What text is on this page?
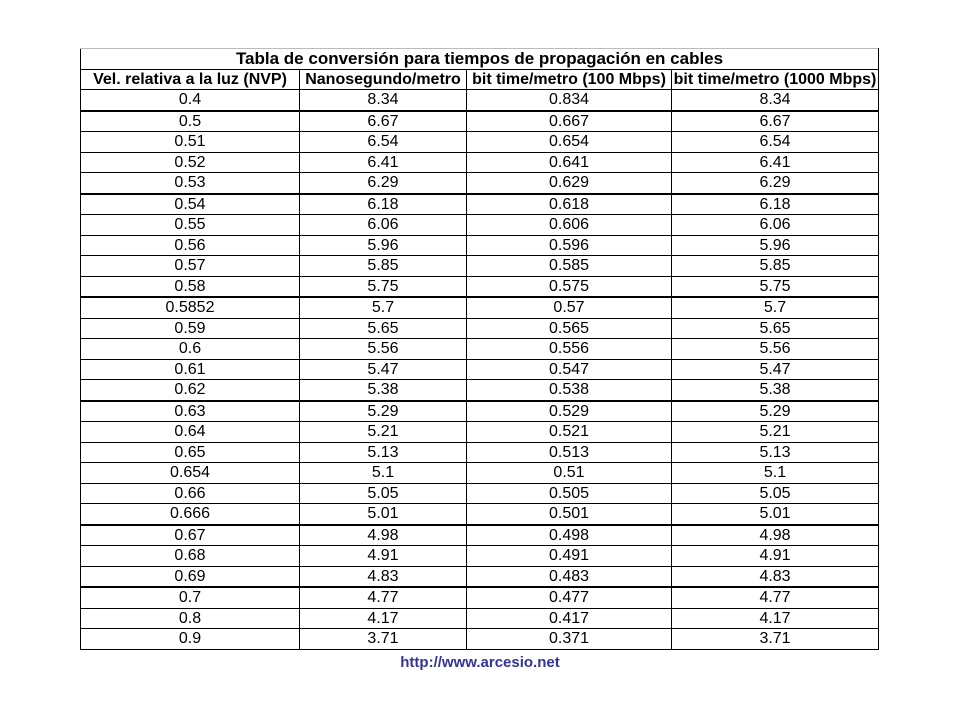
Tabla de conversión para tiempos de propagación en cables			
Vel. relativa a la luz (NVP)	Nanosegundo/metro	bit time/metro (100 Mbps)	bit time/metro (1000 Mbps)
0.4	8.34	0.834	8.34
0.5	6.67	0.667	6.67
0.51	6.54	0.654	6.54
0.52	6.41	0.641	6.41
0.53	6.29	0.629	6.29
0.54	6.18	0.618	6.18
0.55	6.06	0.606	6.06
0.56	5.96	0.596	5.96
0.57	5.85	0.585	5.85
0.58	5.75	0.575	5.75
0.5852	5.7	0.57	5.7
0.59	5.65	0.565	5.65
0.6	5.56	0.556	5.56
0.61	5.47	0.547	5.47
0.62	5.38	0.538	5.38
0.63	5.29	0.529	5.29
0.64	5.21	0.521	5.21
0.65	5.13	0.513	5.13
0.654	5.1	0.51	5.1
0.66	5.05	0.505	5.05
0.666	5.01	0.501	5.01
0.67	4.98	0.498	4.98
0.68	4.91	0.491	4.91
0.69	4.83	0.483	4.83
0.7	4.77	0.477	4.77
0.8	4.17	0.417	4.17
0.9	3.71	0.371	3.71
http://www.arcesio.net
